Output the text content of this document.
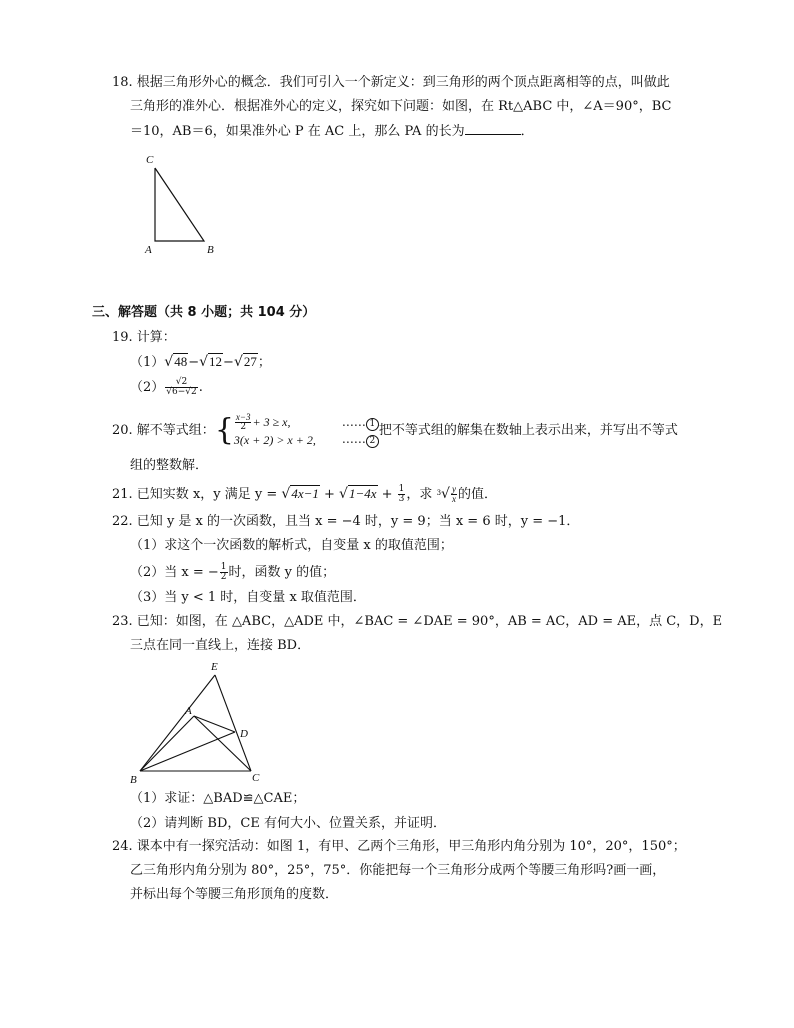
18. 根据三角形外心的概念．我们可引入一个新定义：到三角形的两个顶点距离相等的点，叫做此
三角形的准外心．根据准外心的定义，探究如下问题：如图，在 Rt△ABC 中，∠A＝90°，BC
＝10，AB＝6，如果准外心 P 在 AC 上，那么 PA 的长为	．
C
A	B
三、解答题（共 8 小题；共 104 分）
19. 计算：
（1）√48−√12−√27；
$(2) \frac{√2}{√6-√2}$ .
20. 解不等式组：{ $\frac{x-3}{2} + 3 \ge x$,
3(x + 2) > x + 2,
…… 1
…… 2
把不等式组的解集在数轴上表示出来，并写出不等式
组的整数解．
21. 已知实数 x，y 满足 $y = √4x-1 + √1-4x + \frac{1}{3}$ ，求 $^3√ \frac{y}{x}$ 的值．
22. 已知 y 是 x 的一次函数，且当 x = −4 时，y = 9；当 x = 6 时，y = −1．
（1）求这个一次函数的解析式，自变量 x 的取值范围；
（2）当 x = − $\frac{1}{2}$ 时，函数 y 的值；
（3）当 y < 1 时，自变量 x 取值范围．
23. 已知：如图，在 △ABC，△ADE 中，∠BAC = ∠DAE = 90°，AB = AC，AD = AE，点 C，D，E
三点在同一直线上，连接 BD．
E
A
D
B	C
（1）求证：△BAD≌△CAE；
（2）请判断 BD，CE 有何大小、位置关系，并证明．
24. 课本中有一探究活动：如图 1，有甲、乙两个三角形，甲三角形内角分别为 10°，20°，150°；
乙三角形内角分别为 80°，25°，75°．你能把每一个三角形分成两个等腰三角形吗?画一画，
并标出每个等腰三角形顶角的度数．
